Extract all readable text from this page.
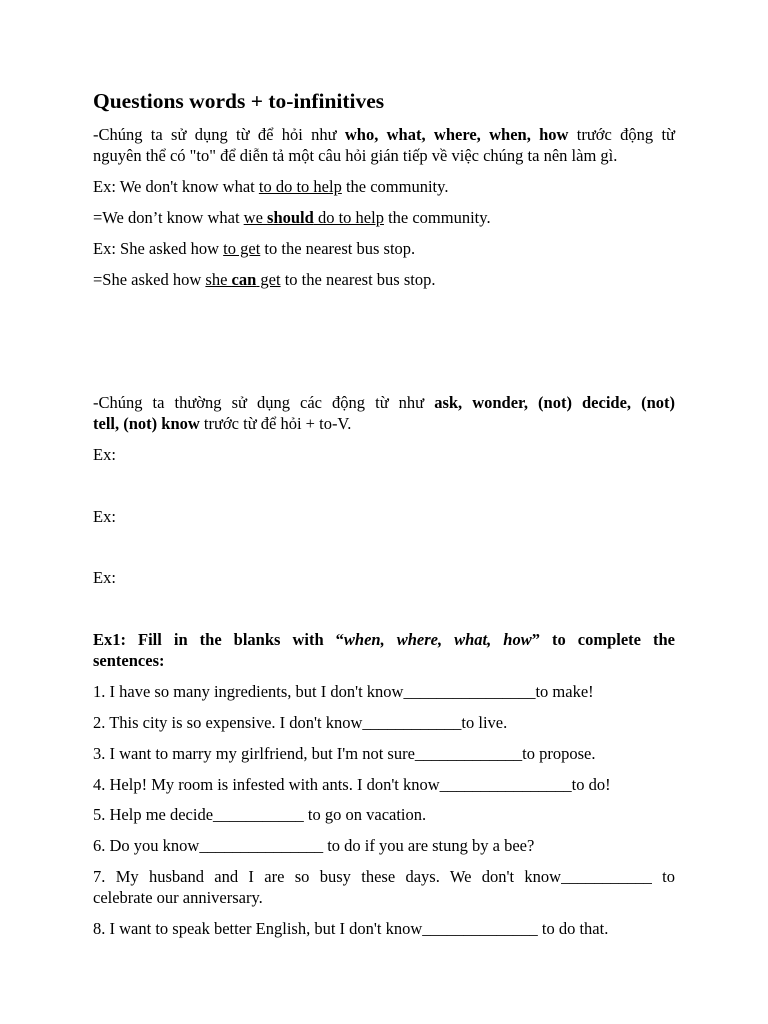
Questions words + to-infinitives
-Chúng ta sử dụng từ để hỏi như who, what, where, when, how trước động từ
nguyên thể có "to" để diễn tả một câu hỏi gián tiếp về việc chúng ta nên làm gì.
Ex: We don't know what to do to help the community.
=We don’t know what we should do to help the community.
Ex: She asked how to get to the nearest bus stop.
=She asked how she can get to the nearest bus stop.
-Chúng ta thường sử dụng các động từ như ask, wonder, (not) decide, (not)
tell, (not) know trước từ để hỏi + to-V.
Ex:
Ex:
Ex:
Ex1: Fill in the blanks with “when, where, what, how” to complete the
sentences:
1. I have so many ingredients, but I don't know________________to make!
2. This city is so expensive. I don't know____________to live.
3. I want to marry my girlfriend, but I'm not sure_____________to propose.
4. Help! My room is infested with ants. I don't know________________to do!
5. Help me decide___________ to go on vacation.
6. Do you know_______________ to do if you are stung by a bee?
7. My husband and I are so busy these days. We don't know___________ to
celebrate our anniversary.
8. I want to speak better English, but I don't know______________ to do that.
